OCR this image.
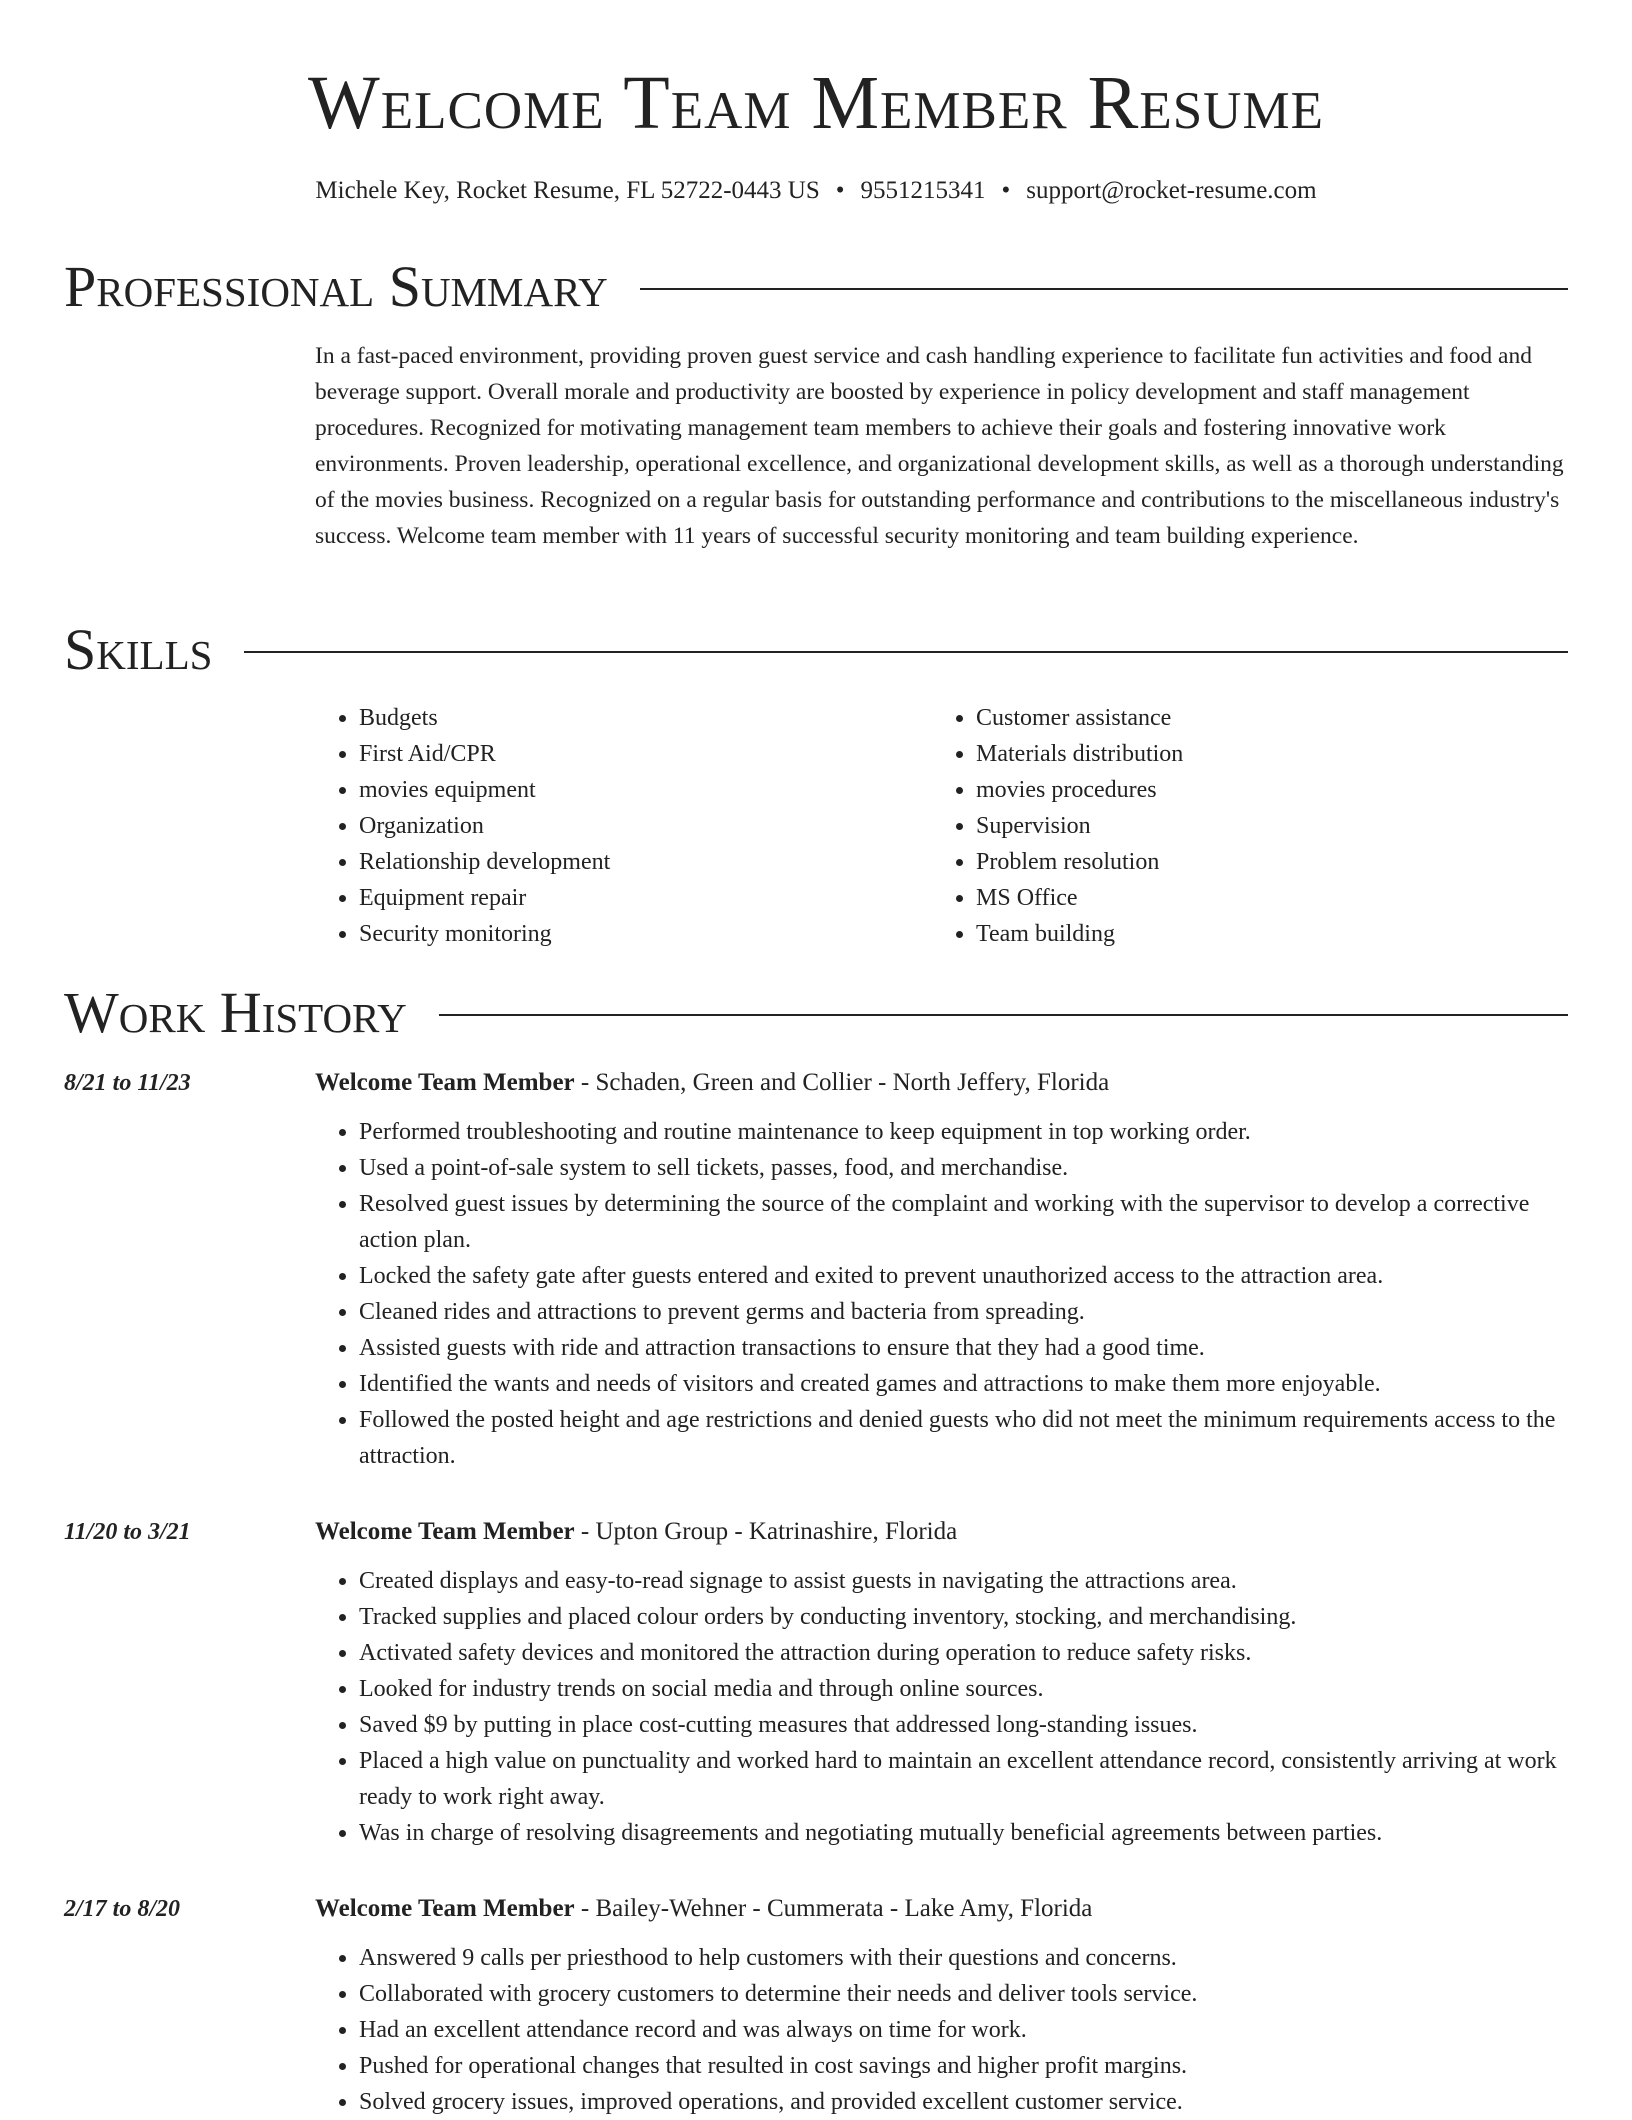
Welcome Team Member Resume
Michele Key, Rocket Resume, FL 52722-0443 US • 9551215341 • support@rocket-resume.com
Professional Summary

In a fast-paced environment, providing proven guest service and cash handling experience to facilitate fun activities and food and beverage support. Overall morale and productivity are boosted by experience in policy development and staff management procedures. Recognized for motivating management team members to achieve their goals and fostering innovative work environments. Proven leadership, operational excellence, and organizational development skills, as well as a thorough understanding of the movies business. Recognized on a regular basis for outstanding performance and contributions to the miscellaneous industry's success. Welcome team member with 11 years of successful security monitoring and team building experience.

Skills
• Budgets
• First Aid/CPR
• movies equipment
• Organization
• Relationship development
• Equipment repair
• Security monitoring
• Customer assistance
• Materials distribution
• movies procedures
• Supervision
• Problem resolution
• MS Office
• Team building
Work History
8/21 to 11/23	Welcome Team Member - Schaden, Green and Collier - North Jeffery, Florida
• Performed troubleshooting and routine maintenance to keep equipment in top working order.
• Used a point-of-sale system to sell tickets, passes, food, and merchandise.
• Resolved guest issues by determining the source of the complaint and working with the supervisor to develop a corrective action plan.
• Locked the safety gate after guests entered and exited to prevent unauthorized access to the attraction area.
• Cleaned rides and attractions to prevent germs and bacteria from spreading.
• Assisted guests with ride and attraction transactions to ensure that they had a good time.
• Identified the wants and needs of visitors and created games and attractions to make them more enjoyable.
• Followed the posted height and age restrictions and denied guests who did not meet the minimum requirements access to the attraction.
11/20 to 3/21	Welcome Team Member - Upton Group - Katrinashire, Florida
• Created displays and easy-to-read signage to assist guests in navigating the attractions area.
• Tracked supplies and placed colour orders by conducting inventory, stocking, and merchandising.
• Activated safety devices and monitored the attraction during operation to reduce safety risks.
• Looked for industry trends on social media and through online sources.
• Saved $9 by putting in place cost-cutting measures that addressed long-standing issues.
• Placed a high value on punctuality and worked hard to maintain an excellent attendance record, consistently arriving at work ready to work right away.
• Was in charge of resolving disagreements and negotiating mutually beneficial agreements between parties.
2/17 to 8/20	Welcome Team Member - Bailey-Wehner - Cummerata - Lake Amy, Florida
• Answered 9 calls per priesthood to help customers with their questions and concerns.
• Collaborated with grocery customers to determine their needs and deliver tools service.
• Had an excellent attendance record and was always on time for work.
• Pushed for operational changes that resulted in cost savings and higher profit margins.
• Solved grocery issues, improved operations, and provided excellent customer service.
